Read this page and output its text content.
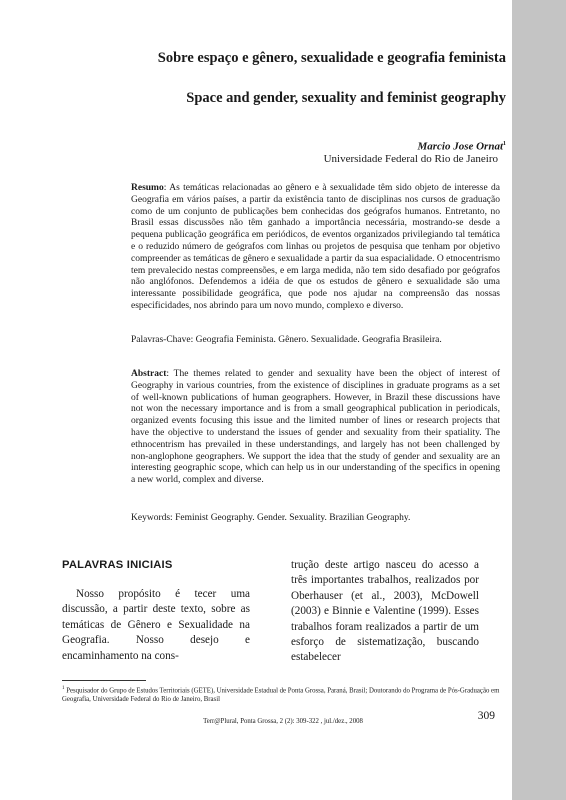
Sobre espaço e gênero, sexualidade e geografia feminista
Space and gender, sexuality and feminist geography
Marcio Jose Ornat$^1$
Universidade Federal do Rio de Janeiro

Resumo: As temáticas relacionadas ao gênero e à sexualidade têm sido objeto de interesse da Geografia em vários países, a partir da existência tanto de disciplinas nos cursos de graduação como de um conjunto de publicações bem conhecidas dos geógrafos humanos. Entretanto, no Brasil essas discussões não têm ganhado a importância necessária, mostrando-se desde a pequena publicação geográfica em periódicos, de eventos organizados privilegiando tal temática e o reduzido número de geógrafos com linhas ou projetos de pesquisa que tenham por objetivo compreender as temáticas de gênero e sexualidade a partir da sua espacialidade. O etnocentrismo tem prevalecido nestas compreensões, e em larga medida, não tem sido desafiado por geógrafos não anglófonos. Defendemos a idéia de que os estudos de gênero e sexualidade são uma interessante possibilidade geográfica, que pode nos ajudar na compreensão das nossas especificidades, nos abrindo para um novo mundo, complexo e diverso.

Palavras-Chave: Geografia Feminista. Gênero. Sexualidade. Geografia Brasileira.

Abstract: The themes related to gender and sexuality have been the object of interest of Geography in various countries, from the existence of disciplines in graduate programs as a set of well-known publications of human geographers. However, in Brazil these discussions have not won the necessary importance and is from a small geographical publication in periodicals, organized events focusing this issue and the limited number of lines or research projects that have the objective to understand the issues of gender and sexuality from their spatiality. The ethnocentrism has prevailed in these understandings, and largely has not been challenged by non-anglophone geographers. We support the idea that the study of gender and sexuality are an interesting geographic scope, which can help us in our understanding of the specifics in opening a new world, complex and diverse.

Keywords: Feminist Geography. Gender. Sexuality. Brazilian Geography.

PALAVRAS INICIAIS

Nosso propósito é tecer uma discussão, a partir deste texto, sobre as temáticas de Gênero e Sexualidade na Geografia. Nosso desejo e encaminhamento na cons-

trução deste artigo nasceu do acesso a três importantes trabalhos, realizados por Oberhauser (et al., 2003), McDowell (2003) e Binnie e Valentine (1999). Esses trabalhos foram realizados a partir de um esforço de sistematização, buscando estabelecer

$^1$ Pesquisador do Grupo de Estudos Territoriais (GETE), Universidade Estadual de Ponta Grossa, Paraná, Brasil; Doutorando do Programa de Pós-Graduação em Geografia, Universidade Federal do Rio de Janeiro, Brasil

Terr@Plural, Ponta Grossa, 2 (2): 309-322 , jul./dez., 2008	309
